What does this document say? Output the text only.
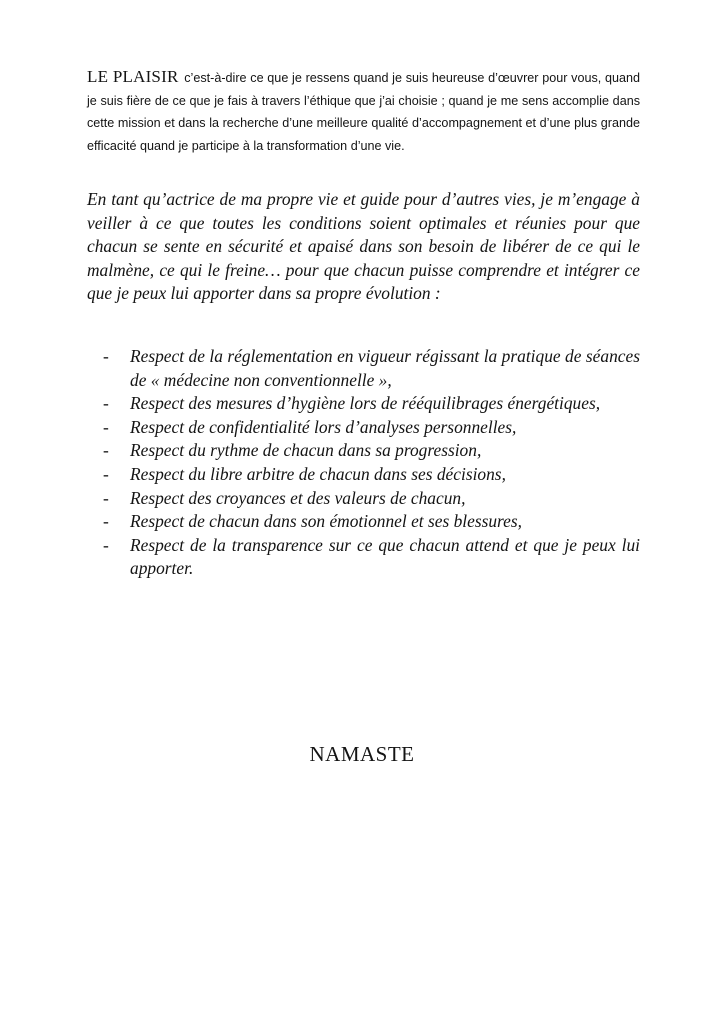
LE PLAISIR c’est-à-dire ce que je ressens quand je suis heureuse d’œuvrer pour vous, quand je suis fière de ce que je fais à travers l’éthique que j’ai choisie ; quand je me sens accomplie dans cette mission et dans la recherche d’une meilleure qualité d’accompagnement et d’une plus grande efficacité quand je participe à la transformation d’une vie.

En tant qu’actrice de ma propre vie et guide pour d’autres vies, je m’engage à veiller à ce que toutes les conditions soient optimales et réunies pour que chacun se sente en sécurité et apaisé dans son besoin de libérer de ce qui le malmène, ce qui le freine… pour que chacun puisse comprendre et intégrer ce que je peux lui apporter dans sa propre évolution :

- Respect de la réglementation en vigueur régissant la pratique de séances de « médecine non conventionnelle »,
- Respect des mesures d’hygiène lors de rééquilibrages énergétiques,
- Respect de confidentialité lors d’analyses personnelles,
- Respect du rythme de chacun dans sa progression,
- Respect du libre arbitre de chacun dans ses décisions,
- Respect des croyances et des valeurs de chacun,
- Respect de chacun dans son émotionnel et ses blessures,
- Respect de la transparence sur ce que chacun attend et que je peux lui apporter.
NAMASTE
